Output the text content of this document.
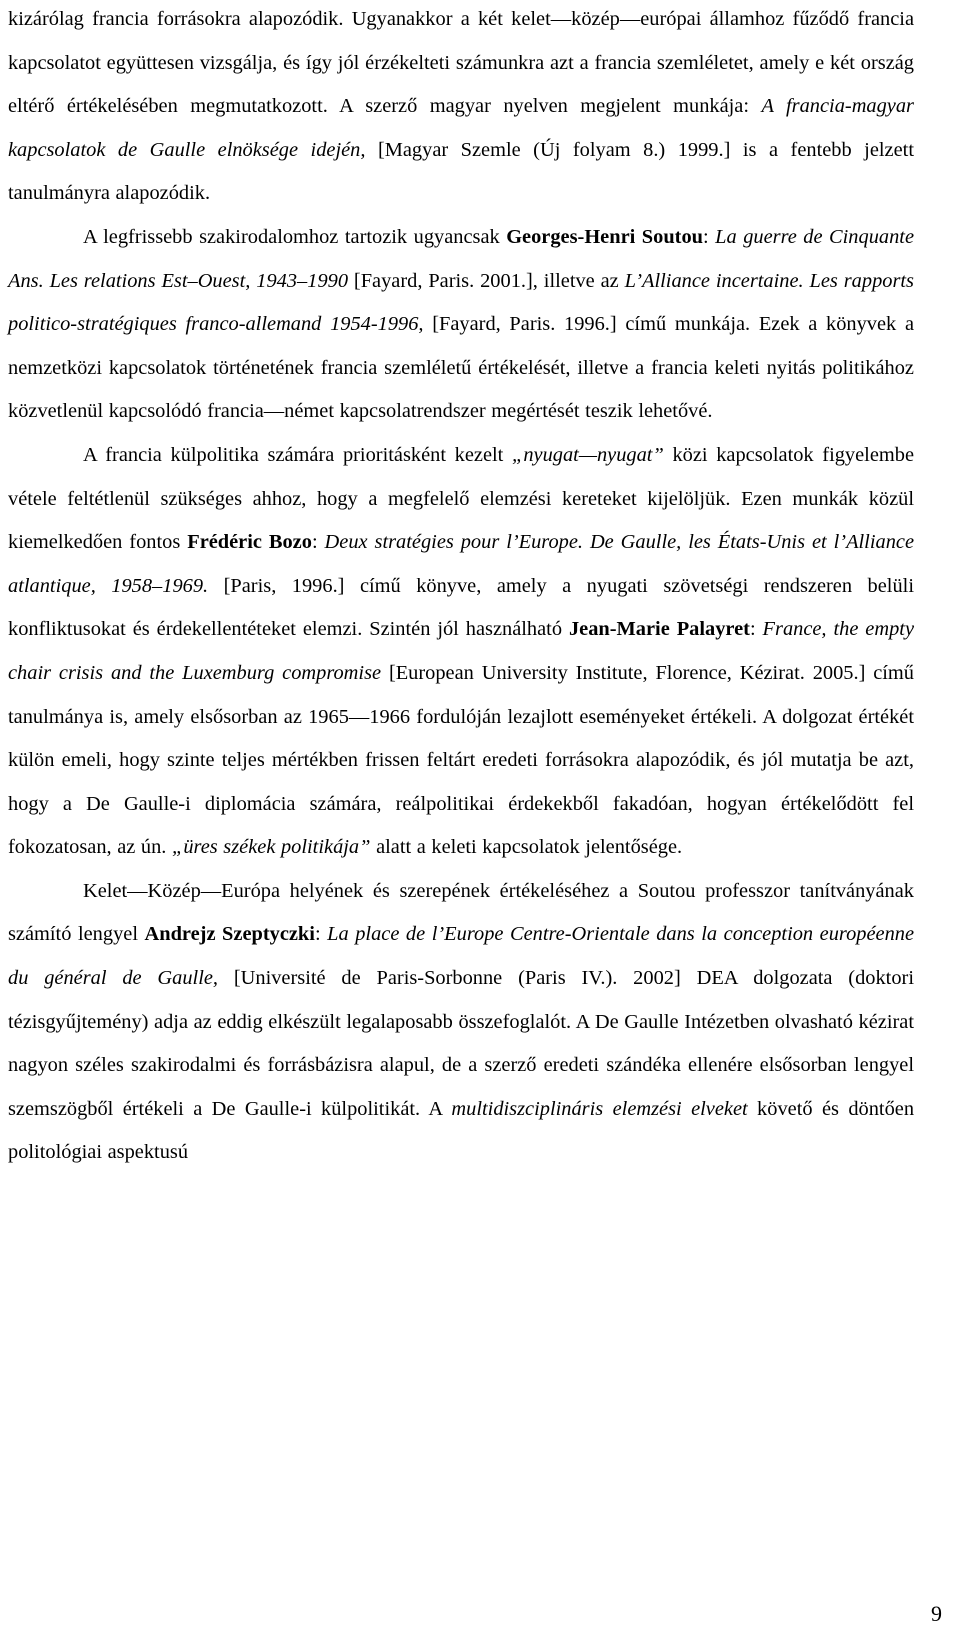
kizárólag francia forrásokra alapozódik. Ugyanakkor a két kelet—közép—európai államhoz fűződő francia kapcsolatot együttesen vizsgálja, és így jól érzékelteti számunkra azt a francia szemléletet, amely e két ország eltérő értékelésében megmutatkozott. A szerző magyar nyelven megjelent munkája: A francia-magyar kapcsolatok de Gaulle elnöksége idején, [Magyar Szemle (Új folyam 8.) 1999.] is a fentebb jelzett tanulmányra alapozódik.

A legfrissebb szakirodalomhoz tartozik ugyancsak Georges-Henri Soutou: La guerre de Cinquante Ans. Les relations Est–Ouest, 1943–1990 [Fayard, Paris. 2001.], illetve az L’Alliance incertaine. Les rapports politico-stratégiques franco-allemand 1954-1996, [Fayard, Paris. 1996.] című munkája. Ezek a könyvek a nemzetközi kapcsolatok történetének francia szemléletű értékelését, illetve a francia keleti nyitás politikához közvetlenül kapcsolódó francia—német kapcsolatrendszer megértését teszik lehetővé.

A francia külpolitika számára prioritásként kezelt „nyugat—nyugat” közi kapcsolatok figyelembe vétele feltétlenül szükséges ahhoz, hogy a megfelelő elemzési kereteket kijelöljük. Ezen munkák közül kiemelkedően fontos Frédéric Bozo: Deux stratégies pour l’Europe. De Gaulle, les États-Unis et l’Alliance atlantique, 1958–1969. [Paris, 1996.] című könyve, amely a nyugati szövetségi rendszeren belüli konfliktusokat és érdekellentéteket elemzi. Szintén jól használható Jean-Marie Palayret: France, the empty chair crisis and the Luxemburg compromise [European University Institute, Florence, Kézirat. 2005.] című tanulmánya is, amely elsősorban az 1965—1966 fordulóján lezajlott eseményeket értékeli. A dolgozat értékét külön emeli, hogy szinte teljes mértékben frissen feltárt eredeti forrásokra alapozódik, és jól mutatja be azt, hogy a De Gaulle-i diplomácia számára, reálpolitikai érdekekből fakadóan, hogyan értékelődött fel fokozatosan, az ún. „üres székek politikája” alatt a keleti kapcsolatok jelentősége.

Kelet—Közép—Európa helyének és szerepének értékeléséhez a Soutou professzor tanítványának számító lengyel Andrejz Szeptyczki: La place de l’Europe Centre-Orientale dans la conception européenne du général de Gaulle, [Université de Paris-Sorbonne (Paris IV.). 2002] DEA dolgozata (doktori tézisgyűjtemény) adja az eddig elkészült legalaposabb összefoglalót. A De Gaulle Intézetben olvasható kézirat nagyon széles szakirodalmi és forrásbázisra alapul, de a szerző eredeti szándéka ellenére elsősorban lengyel szemszögből értékeli a De Gaulle-i külpolitikát. A multidiszciplináris elemzési elveket követő és döntően politológiai aspektusú

9
